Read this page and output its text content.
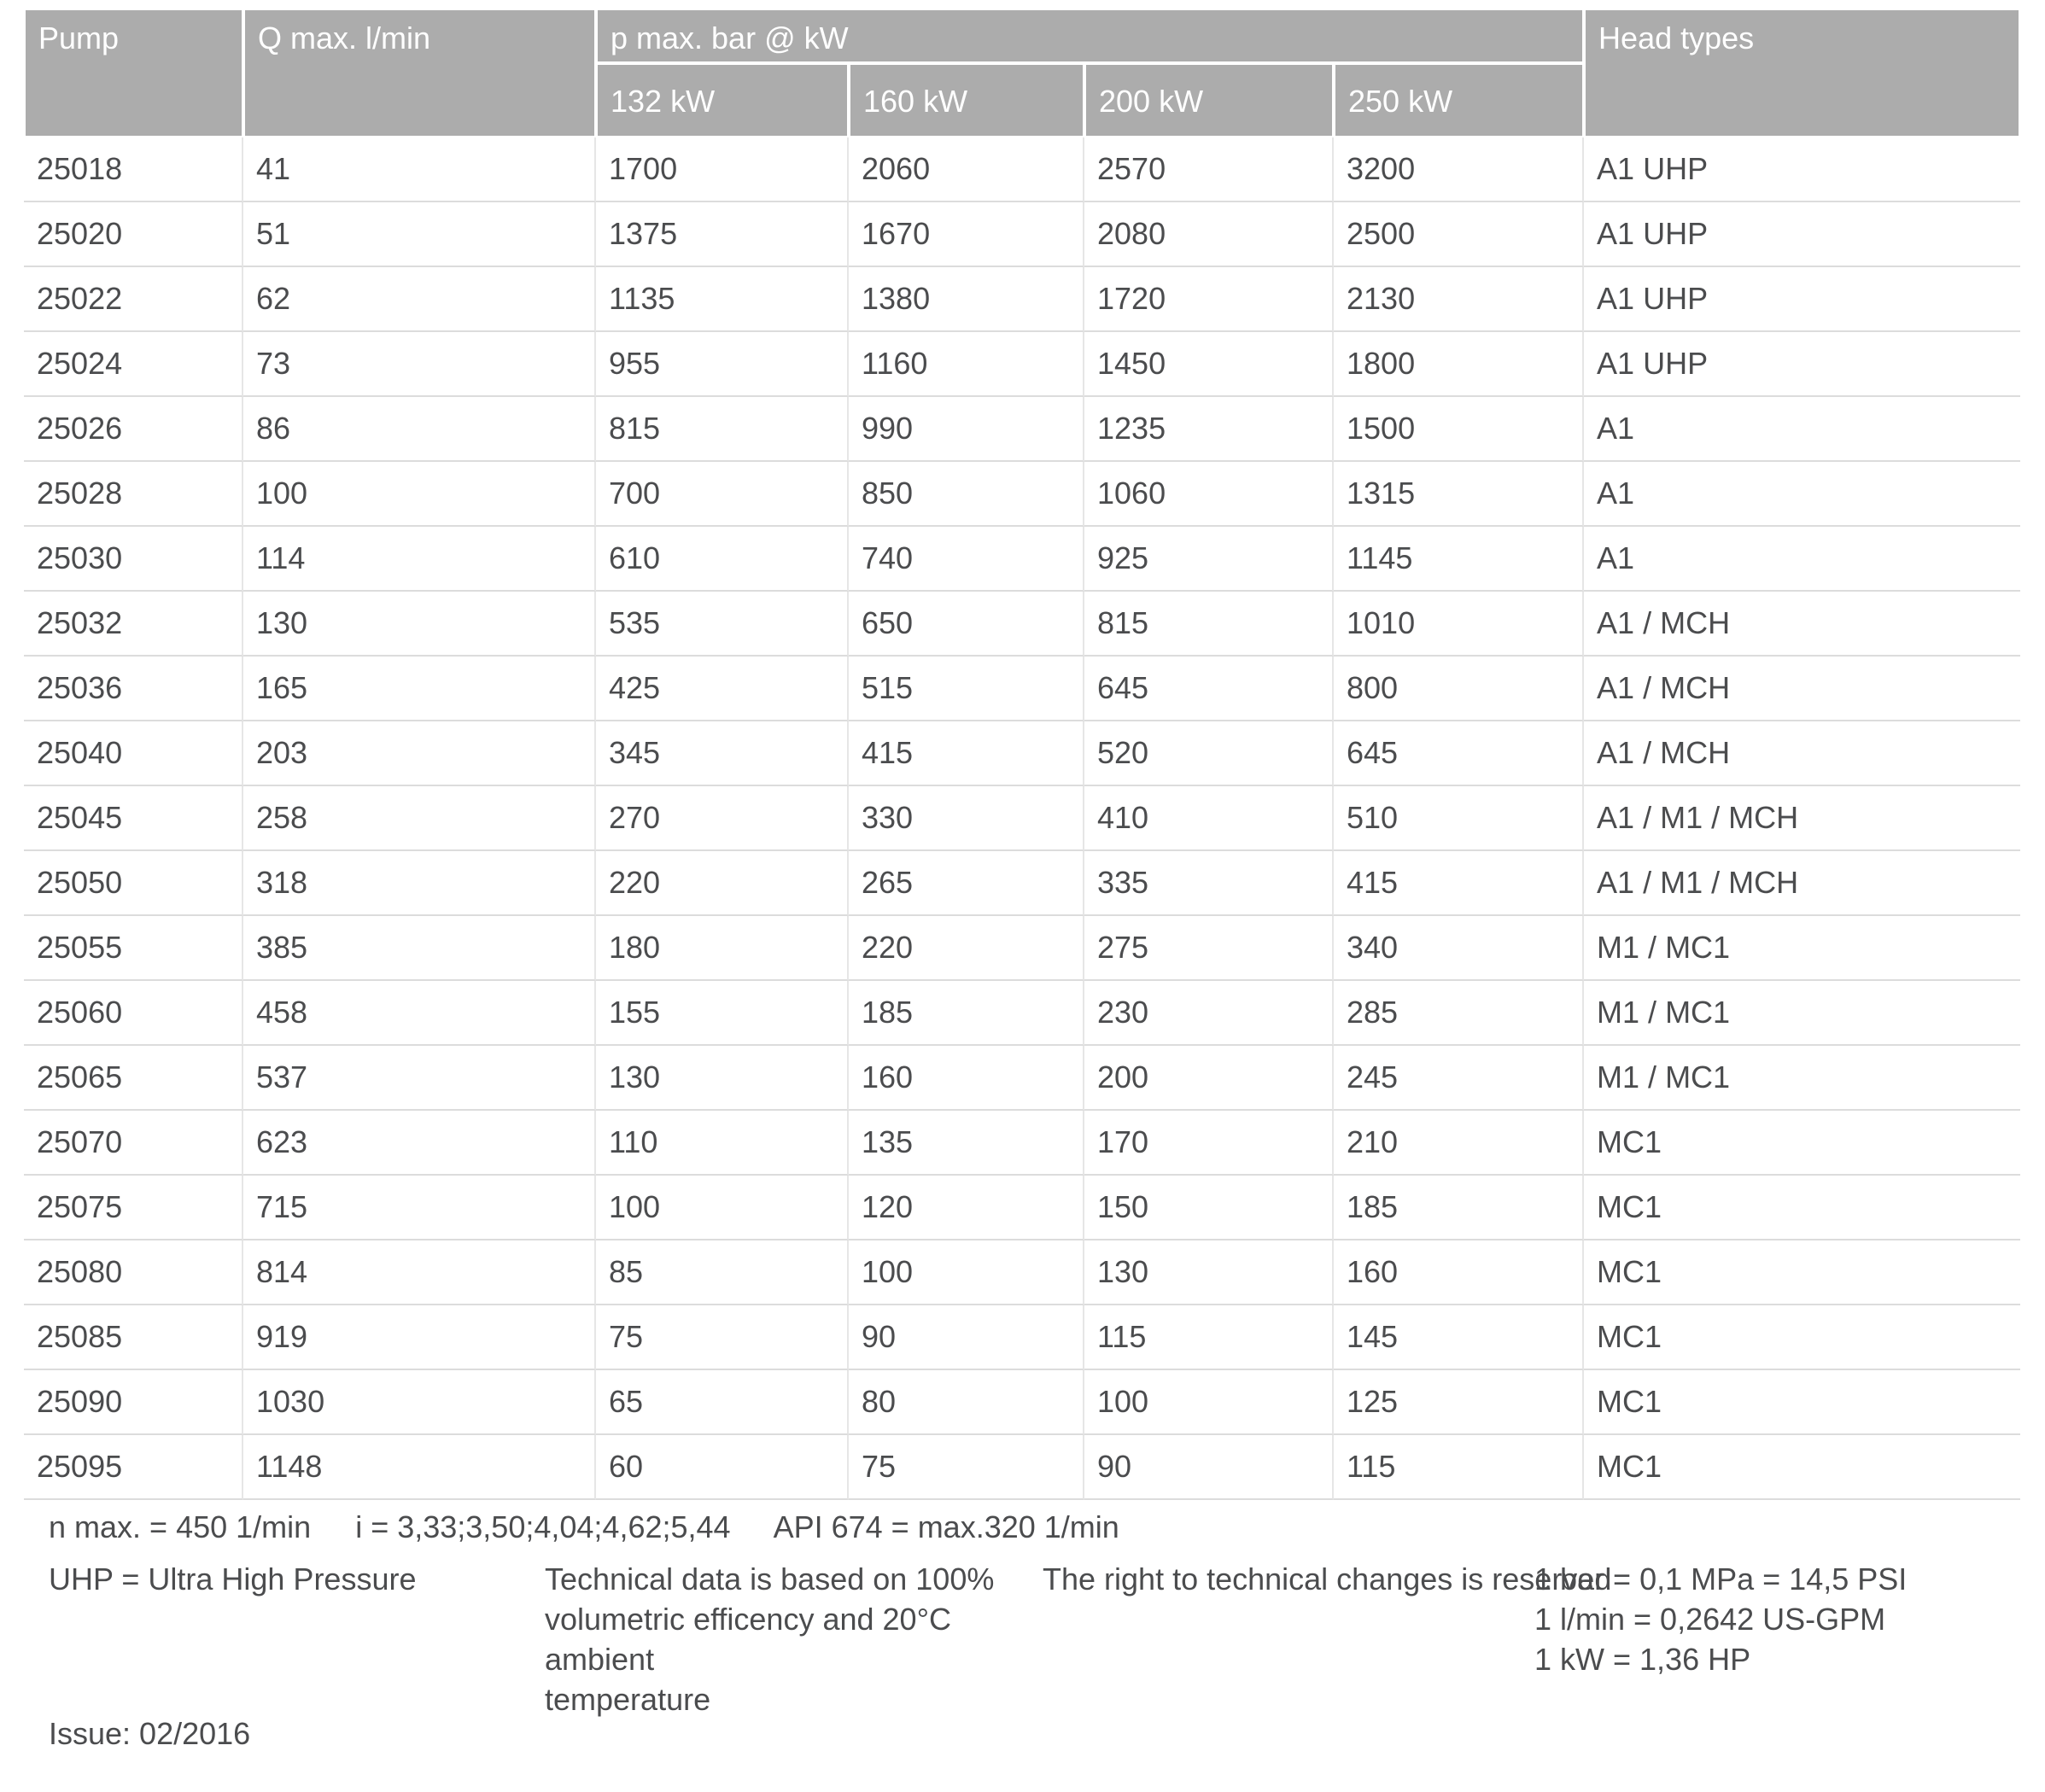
Pump	Q max. l/min	p max. bar @ kW				Head types
		132 kW	160 kW	200 kW	250 kW	
25018	41	1700	2060	2570	3200	A1 UHP
25020	51	1375	1670	2080	2500	A1 UHP
25022	62	1135	1380	1720	2130	A1 UHP
25024	73	955	1160	1450	1800	A1 UHP
25026	86	815	990	1235	1500	A1
25028	100	700	850	1060	1315	A1
25030	114	610	740	925	1145	A1
25032	130	535	650	815	1010	A1 / MCH
25036	165	425	515	645	800	A1 / MCH
25040	203	345	415	520	645	A1 / MCH
25045	258	270	330	410	510	A1 / M1 / MCH
25050	318	220	265	335	415	A1 / M1 / MCH
25055	385	180	220	275	340	M1 / MC1
25060	458	155	185	230	285	M1 / MC1
25065	537	130	160	200	245	M1 / MC1
25070	623	110	135	170	210	MC1
25075	715	100	120	150	185	MC1
25080	814	85	100	130	160	MC1
25085	919	75	90	115	145	MC1
25090	1030	65	80	100	125	MC1
25095	1148	60	75	90	115	MC1
n max. = 450 1/min i = 3,33;3,50;4,04;4,62;5,44 API 674 = max.320 1/min
UHP = Ultra High Pressure	Technical data is based on 100%
volumetric efficency and 20°C ambient
temperature
The right to technical changes is reserved
1 bar = 0,1 MPa = 14,5 PSI
1 l/min = 0,2642 US-GPM
1 kW = 1,36 HP
Issue: 02/2016
